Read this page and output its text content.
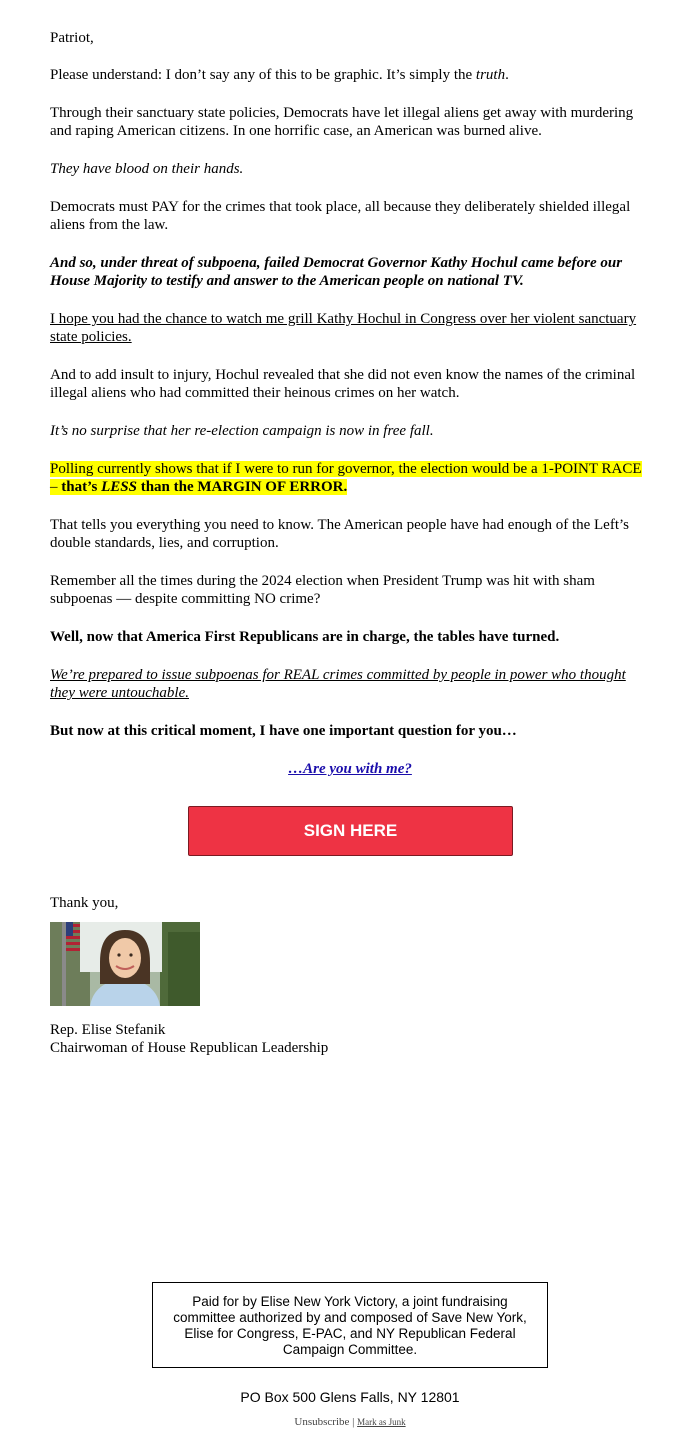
Patriot,

Please understand: I don’t say any of this to be graphic. It’s simply the truth.

Through their sanctuary state policies, Democrats have let illegal aliens get away with murdering and raping American citizens. In one horrific case, an American was burned alive.

They have blood on their hands.

Democrats must PAY for the crimes that took place, all because they deliberately shielded illegal aliens from the law.

And so, under threat of subpoena, failed Democrat Governor Kathy Hochul came before our House Majority to testify and answer to the American people on national TV.

I hope you had the chance to watch me grill Kathy Hochul in Congress over her violent sanctuary state policies.

And to add insult to injury, Hochul revealed that she did not even know the names of the criminal illegal aliens who had committed their heinous crimes on her watch.

It’s no surprise that her re-election campaign is now in free fall.

Polling currently shows that if I were to run for governor, the election would be a 1-POINT RACE – that’s LESS than the MARGIN OF ERROR.

That tells you everything you need to know. The American people have had enough of the Left’s double standards, lies, and corruption.

Remember all the times during the 2024 election when President Trump was hit with sham subpoenas — despite committing NO crime?

Well, now that America First Republicans are in charge, the tables have turned.

We’re prepared to issue subpoenas for REAL crimes committed by people in power who thought they were untouchable.

But now at this critical moment, I have one important question for you…

…Are you with me?

Thank you,

Rep. Elise Stefanik

Chairwoman of House Republican Leadership

SIGN HERE
Paid for by Elise New York Victory, a joint fundraising committee authorized by and composed of Save New York, Elise for Congress, E-PAC, and NY Republican Federal Campaign Committee.
PO Box 500 Glens Falls, NY 12801
Unsubscribe | Mark as Junk
